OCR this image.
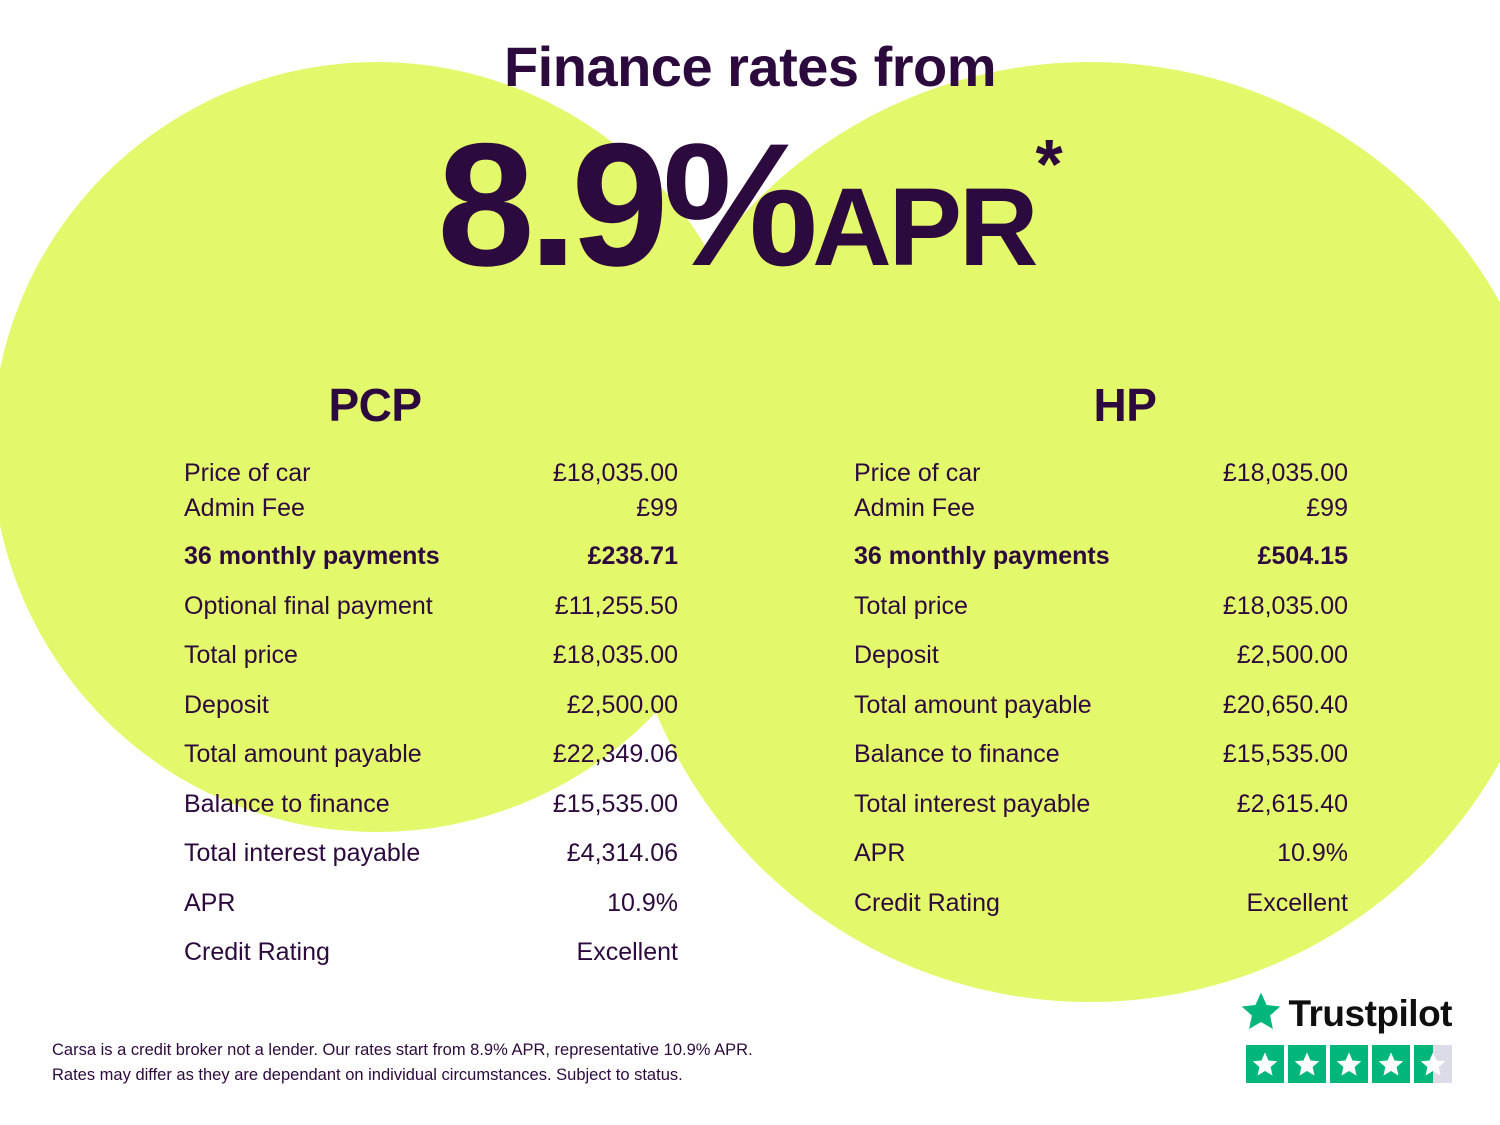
Finance rates from
8.9%APR*
PCP
Price of car	£18,035.00
Admin Fee	£99
36 monthly payments	£238.71
Optional final payment	£11,255.50
Total price	£18,035.00
Deposit	£2,500.00
Total amount payable	£22,349.06
Balance to finance	£15,535.00
Total interest payable	£4,314.06
APR	10.9%
Credit Rating	Excellent
HP
Price of car	£18,035.00
Admin Fee	£99
36 monthly payments	£504.15
Total price	£18,035.00
Deposit	£2,500.00
Total amount payable	£20,650.40
Balance to finance	£15,535.00
Total interest payable	£2,615.40
APR	10.9%
Credit Rating	Excellent
Carsa is a credit broker not a lender. Our rates start from 8.9% APR, representative 10.9% APR.
Rates may differ as they are dependant on individual circumstances. Subject to status.
Trustpilot
